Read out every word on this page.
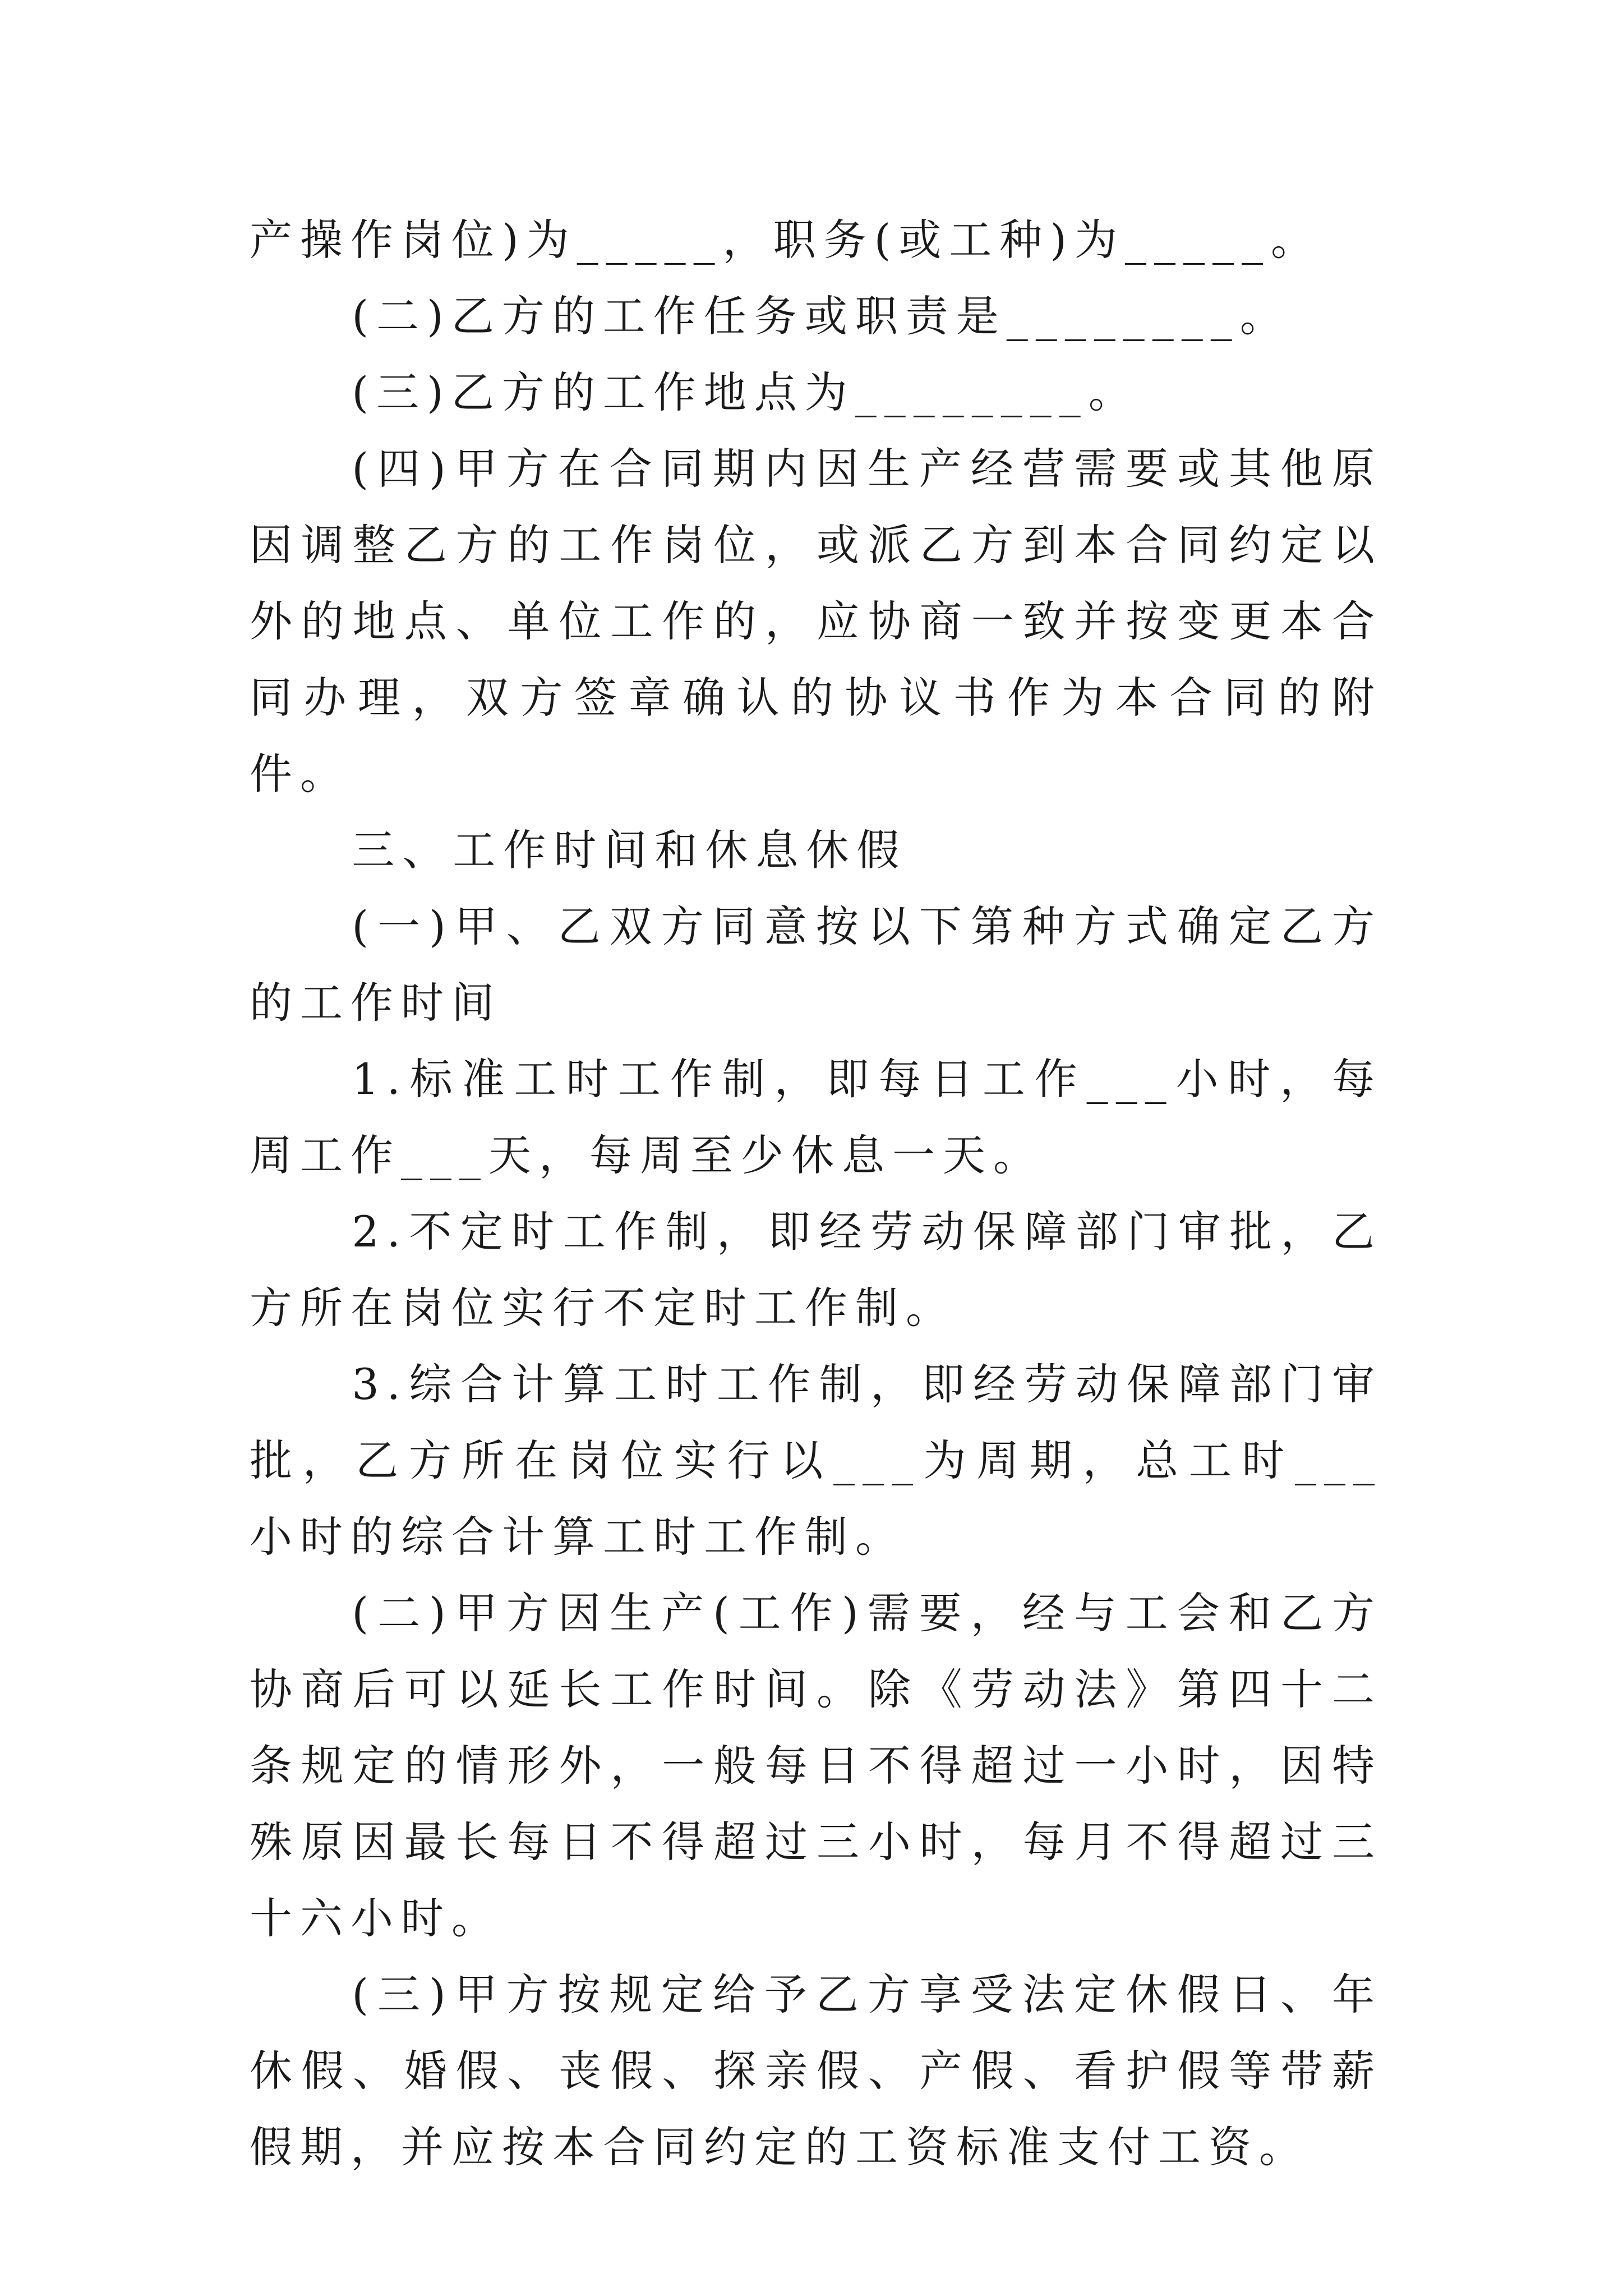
产操作岗位)为_____，职务(或工种)为_____。

(二)乙方的工作任务或职责是________。

(三)乙方的工作地点为________。

(四)甲方在合同期内因生产经营需要或其他原因调整乙方的工作岗位，或派乙方到本合同约定以外的地点、单位工作的，应协商一致并按变更本合同办理，双方签章确认的协议书作为本合同的附件。

三、工作时间和休息休假

(一)甲、乙双方同意按以下第种方式确定乙方的工作时间

1.标准工时工作制，即每日工作___小时，每周工作___天，每周至少休息一天。

2.不定时工作制，即经劳动保障部门审批，乙方所在岗位实行不定时工作制。

3.综合计算工时工作制，即经劳动保障部门审批，乙方所在岗位实行以___为周期，总工时___小时的综合计算工时工作制。

(二)甲方因生产(工作)需要，经与工会和乙方协商后可以延长工作时间。除《劳动法》第四十二条规定的情形外，一般每日不得超过一小时，因特殊原因最长每日不得超过三小时，每月不得超过三十六小时。

(三)甲方按规定给予乙方享受法定休假日、年休假、婚假、丧假、探亲假、产假、看护假等带薪假期，并应按本合同约定的工资标准支付工资。
